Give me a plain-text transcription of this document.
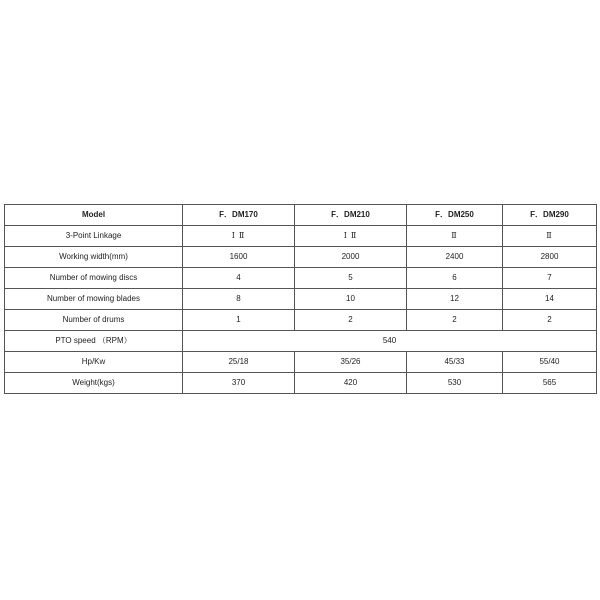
Model	F．DM170	F．DM210	F．DM250	F．DM290
3-Point Linkage	Ⅰ Ⅱ	Ⅰ Ⅱ	Ⅱ	Ⅱ
Working width(mm)	1600	2000	2400	2800
Number of mowing discs	4	5	6	7
Number of mowing blades	8	10	12	14
Number of drums	1	2	2	2
PTO speed （RPM）	540			
Hp/Kw	25/18	35/26	45/33	55/40
Weight(kgs)	370	420	530	565
